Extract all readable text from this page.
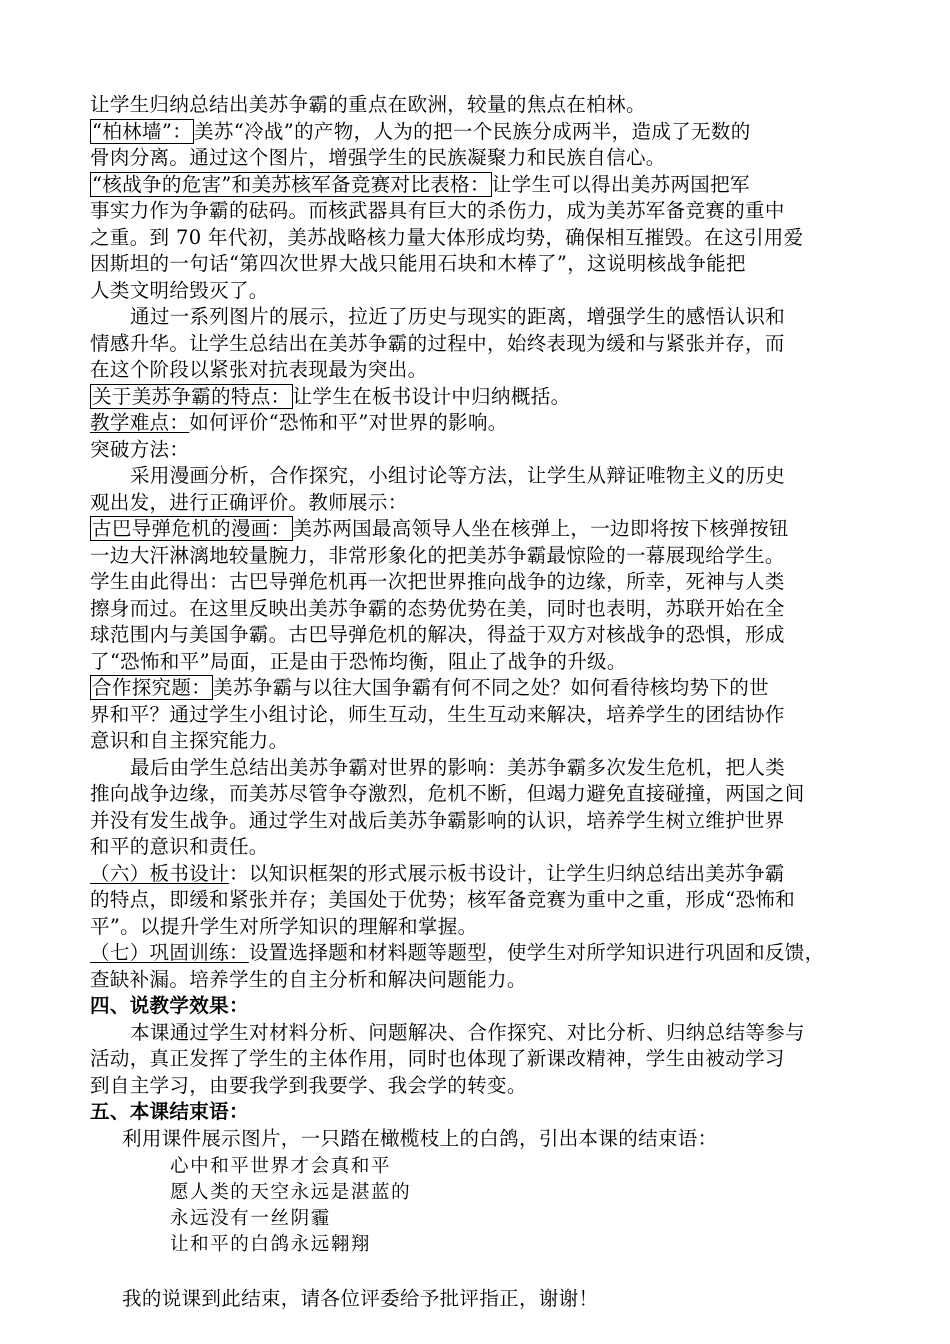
让学生归纳总结出美苏争霸的重点在欧洲，较量的焦点在柏林。
“柏林墙”： 美苏“冷战”的产物，人为的把一个民族分成两半，造成了无数的
骨肉分离。通过这个图片，增强学生的民族凝聚力和民族自信心。
“核战争的危害”和美苏核军备竞赛对比表格： 让学生可以得出美苏两国把军
事实力作为争霸的砝码。而核武器具有巨大的杀伤力，成为美苏军备竞赛的重中
之重。到 70 年代初，美苏战略核力量大体形成均势，确保相互摧毁。在这引用爱
因斯坦的一句话“第四次世界大战只能用石块和木棒了”，这说明核战争能把
人类文明给毁灭了。
通过一系列图片的展示，拉近了历史与现实的距离，增强学生的感悟认识和
情感升华。让学生总结出在美苏争霸的过程中，始终表现为缓和与紧张并存，而
在这个阶段以紧张对抗表现最为突出。
关于美苏争霸的特点： 让学生在板书设计中归纳概括。
教学难点：如何评价“恐怖和平”对世界的影响。
突破方法：
采用漫画分析，合作探究，小组讨论等方法，让学生从辩证唯物主义的历史
观出发，进行正确评价。教师展示：
古巴导弹危机的漫画： 美苏两国最高领导人坐在核弹上，一边即将按下核弹按钮
一边大汗淋漓地较量腕力，非常形象化的把美苏争霸最惊险的一幕展现给学生。
学生由此得出：古巴导弹危机再一次把世界推向战争的边缘，所幸，死神与人类
擦身而过。在这里反映出美苏争霸的态势优势在美，同时也表明，苏联开始在全
球范围内与美国争霸。古巴导弹危机的解决，得益于双方对核战争的恐惧，形成
了“恐怖和平”局面，正是由于恐怖均衡，阻止了战争的升级。
合作探究题： 美苏争霸与以往大国争霸有何不同之处？如何看待核均势下的世
界和平？通过学生小组讨论，师生互动，生生互动来解决，培养学生的团结协作
意识和自主探究能力。
最后由学生总结出美苏争霸对世界的影响：美苏争霸多次发生危机，把人类
推向战争边缘，而美苏尽管争夺激烈，危机不断，但竭力避免直接碰撞，两国之间
并没有发生战争。通过学生对战后美苏争霸影响的认识，培养学生树立维护世界
和平的意识和责任。
（六）板书设计：以知识框架的形式展示板书设计，让学生归纳总结出美苏争霸
的特点，即缓和紧张并存；美国处于优势；核军备竞赛为重中之重，形成“恐怖和
平”。以提升学生对所学知识的理解和掌握。
（七）巩固训练：设置选择题和材料题等题型，使学生对所学知识进行巩固和反馈，
查缺补漏。培养学生的自主分析和解决问题能力。
四、说教学效果：
本课通过学生对材料分析、问题解决、合作探究、对比分析、归纳总结等参与
活动，真正发挥了学生的主体作用，同时也体现了新课改精神，学生由被动学习
到自主学习，由要我学到我要学、我会学的转变。
五、本课结束语：
利用课件展示图片，一只踏在橄榄枝上的白鸽，引出本课的结束语：
心中和平世界才会真和平
愿人类的天空永远是湛蓝的
永远没有一丝阴霾
让和平的白鸽永远翱翔
我的说课到此结束，请各位评委给予批评指正，谢谢！
